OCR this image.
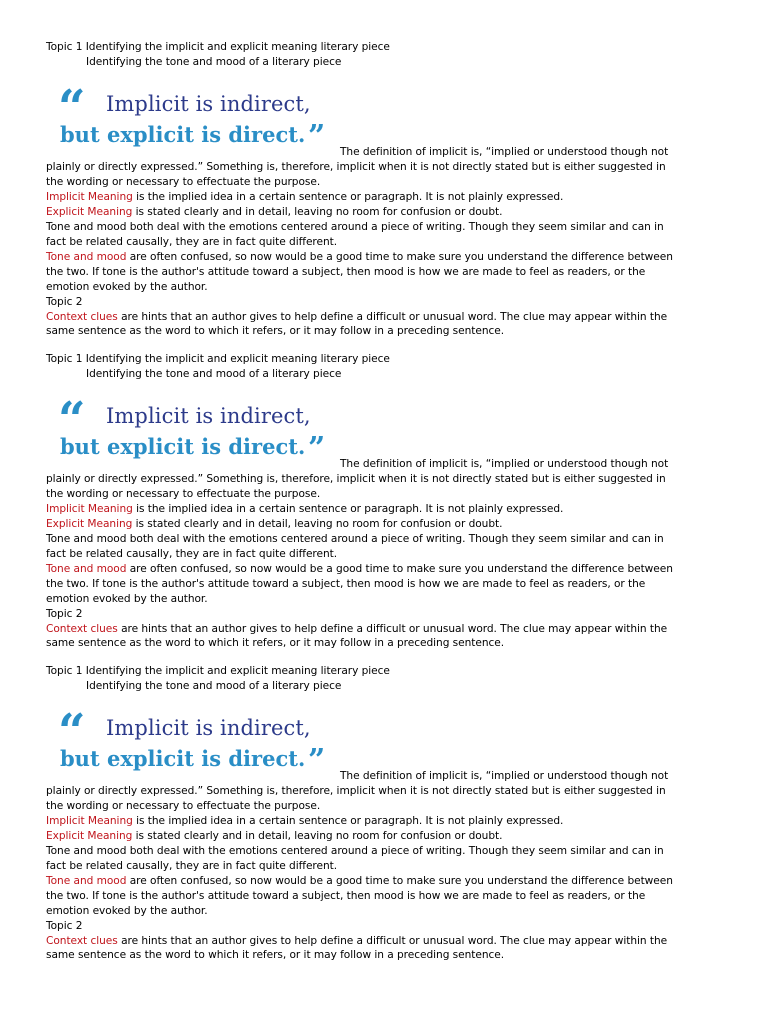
Topic 1 Identifying the implicit and explicit meaning literary piece
Identifying the tone and mood of a literary piece
“ Implicit is indirect,
but explicit is direct. ” The definition of implicit is, “implied or understood though not
plainly or directly expressed.” Something is, therefore, implicit when it is not directly stated but is either suggested in
the wording or necessary to effectuate the purpose.
Implicit Meaning is the implied idea in a certain sentence or paragraph. It is not plainly expressed.
Explicit Meaning is stated clearly and in detail, leaving no room for confusion or doubt.
Tone and mood both deal with the emotions centered around a piece of writing. Though they seem similar and can in
fact be related causally, they are in fact quite different.
Tone and mood are often confused, so now would be a good time to make sure you understand the difference between
the two. If tone is the author's attitude toward a subject, then mood is how we are made to feel as readers, or the
emotion evoked by the author.
Topic 2
Context clues are hints that an author gives to help define a difficult or unusual word. The clue may appear within the
same sentence as the word to which it refers, or it may follow in a preceding sentence.
Topic 1 Identifying the implicit and explicit meaning literary piece
Identifying the tone and mood of a literary piece
“ Implicit is indirect,
but explicit is direct. ” The definition of implicit is, “implied or understood though not
plainly or directly expressed.” Something is, therefore, implicit when it is not directly stated but is either suggested in
the wording or necessary to effectuate the purpose.
Implicit Meaning is the implied idea in a certain sentence or paragraph. It is not plainly expressed.
Explicit Meaning is stated clearly and in detail, leaving no room for confusion or doubt.
Tone and mood both deal with the emotions centered around a piece of writing. Though they seem similar and can in
fact be related causally, they are in fact quite different.
Tone and mood are often confused, so now would be a good time to make sure you understand the difference between
the two. If tone is the author's attitude toward a subject, then mood is how we are made to feel as readers, or the
emotion evoked by the author.
Topic 2
Context clues are hints that an author gives to help define a difficult or unusual word. The clue may appear within the
same sentence as the word to which it refers, or it may follow in a preceding sentence.
Topic 1 Identifying the implicit and explicit meaning literary piece
Identifying the tone and mood of a literary piece
“ Implicit is indirect,
but explicit is direct. ” The definition of implicit is, “implied or understood though not
plainly or directly expressed.” Something is, therefore, implicit when it is not directly stated but is either suggested in
the wording or necessary to effectuate the purpose.
Implicit Meaning is the implied idea in a certain sentence or paragraph. It is not plainly expressed.
Explicit Meaning is stated clearly and in detail, leaving no room for confusion or doubt.
Tone and mood both deal with the emotions centered around a piece of writing. Though they seem similar and can in
fact be related causally, they are in fact quite different.
Tone and mood are often confused, so now would be a good time to make sure you understand the difference between
the two. If tone is the author's attitude toward a subject, then mood is how we are made to feel as readers, or the
emotion evoked by the author.
Topic 2
Context clues are hints that an author gives to help define a difficult or unusual word. The clue may appear within the
same sentence as the word to which it refers, or it may follow in a preceding sentence.
